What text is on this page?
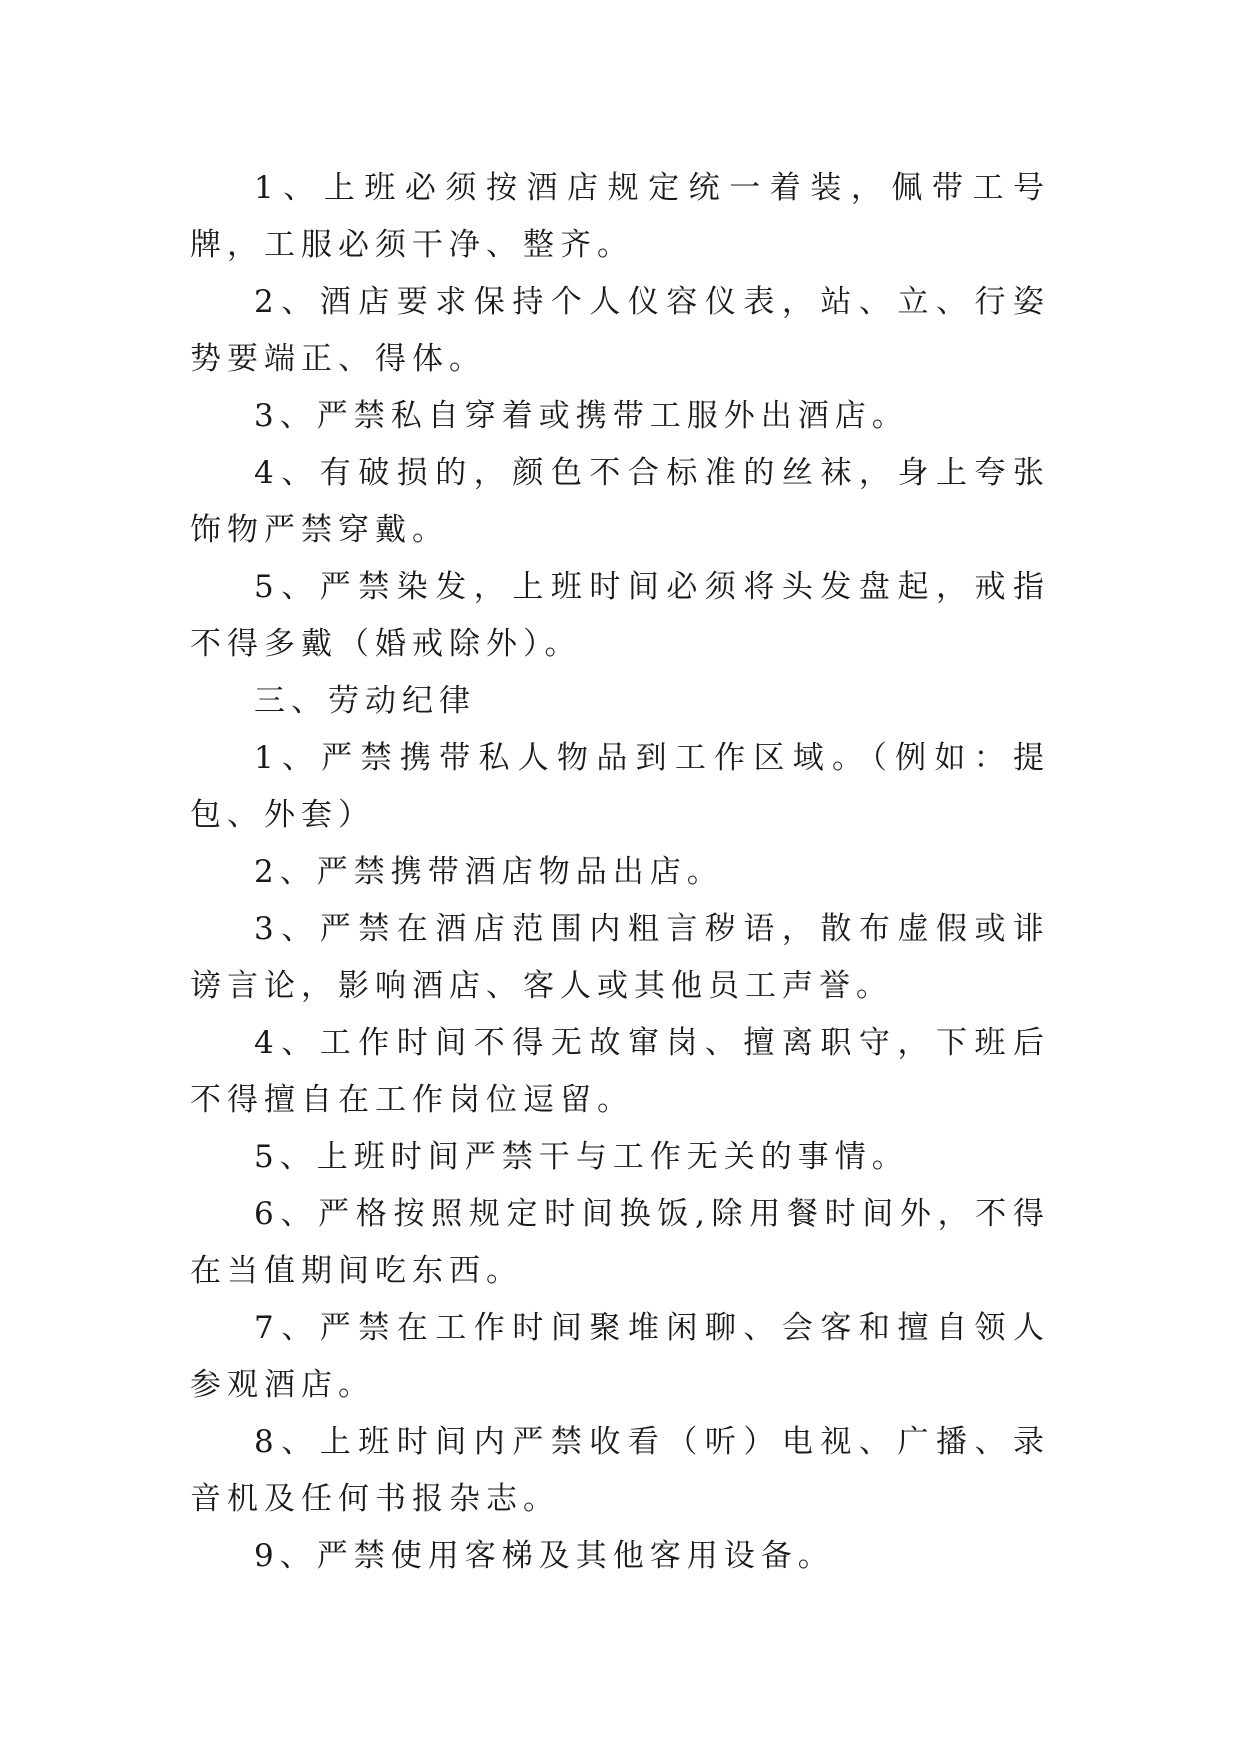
1、上班必须按酒店规定统一着装，佩带工号牌，工服必须干净、整齐。

2、酒店要求保持个人仪容仪表，站、立、行姿势要端正、得体。

3、严禁私自穿着或携带工服外出酒店。

4、有破损的，颜色不合标准的丝袜，身上夸张饰物严禁穿戴。

5、严禁染发，上班时间必须将头发盘起，戒指不得多戴（婚戒除外）。

三、劳动纪律

1、严禁携带私人物品到工作区域。（例如：提包、外套）

2、严禁携带酒店物品出店。

3、严禁在酒店范围内粗言秽语，散布虚假或诽谤言论，影响酒店、客人或其他员工声誉。

4、工作时间不得无故窜岗、擅离职守，下班后不得擅自在工作岗位逗留。

5、上班时间严禁干与工作无关的事情。

6、严格按照规定时间换饭,除用餐时间外，不得在当值期间吃东西。

7、严禁在工作时间聚堆闲聊、会客和擅自领人参观酒店。

8、上班时间内严禁收看（听）电视、广播、录音机及任何书报杂志。

9、严禁使用客梯及其他客用设备。
